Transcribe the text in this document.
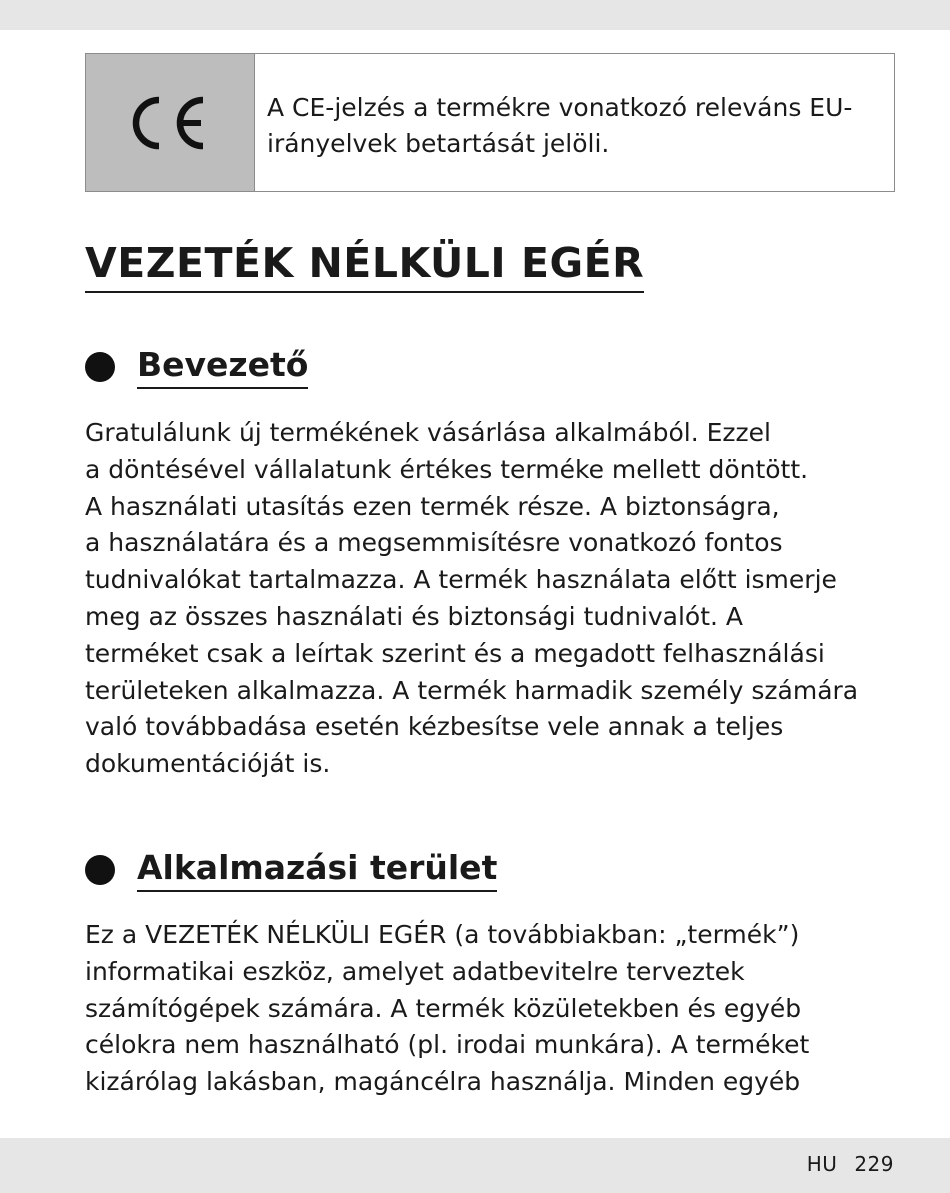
A CE-jelzés a termékre vonatkozó releváns EU-
irányelvek betartását jelöli.
VEZETÉK NÉLKÜLI EGÉR
Bevezető

Gratulálunk új termékének vásárlása alkalmából. Ezzel
a döntésével vállalatunk értékes terméke mellett döntött.
A használati utasítás ezen termék része. A biztonságra,
a használatára és a megsemmisítésre vonatkozó fontos
tudnivalókat tartalmazza. A termék használata előtt ismerje
meg az összes használati és biztonsági tudnivalót. A
terméket csak a leírtak szerint és a megadott felhasználási
területeken alkalmazza. A termék harmadik személy számára
való továbbadása esetén kézbesítse vele annak a teljes
dokumentációját is.

Alkalmazási terület

Ez a VEZETÉK NÉLKÜLI EGÉR (a továbbiakban: „termék”)
informatikai eszköz, amelyet adatbevitelre terveztek
számítógépek számára. A termék közületekben és egyéb
célokra nem használható (pl. irodai munkára). A terméket
kizárólag lakásban, magáncélra használja. Minden egyéb

HU 229
